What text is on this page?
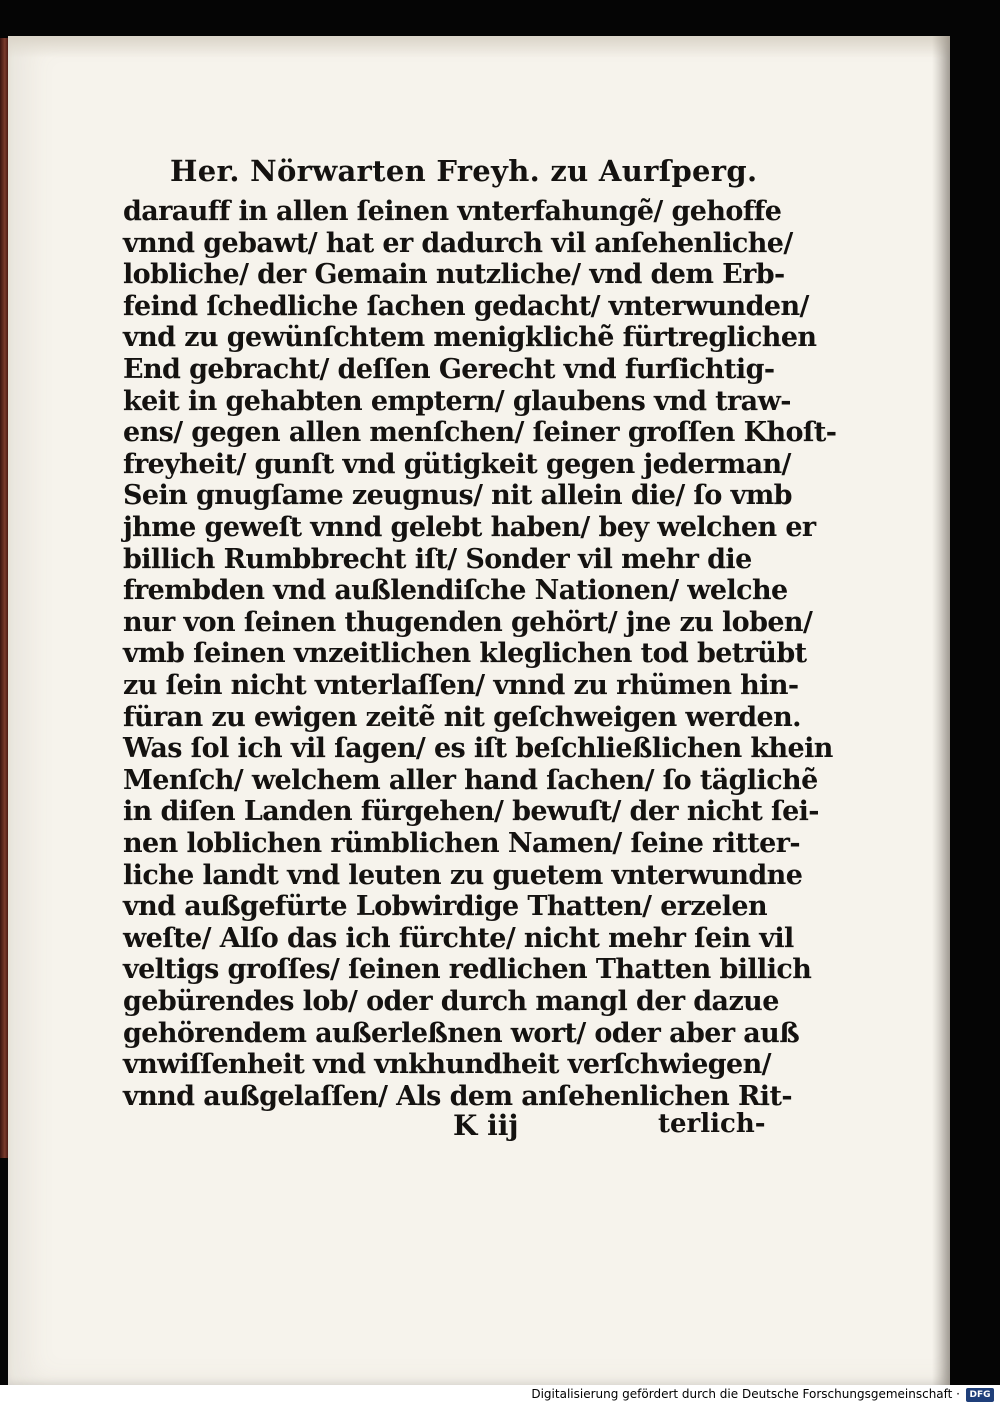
Her. Nörwarten Freyh. zu Aurſperg.
darauff in allen ſeinen vnterfahungẽ/ gehoffe
vnnd gebawt/ hat er dadurch vil anſehenliche/
lobliche/ der Gemain nutzliche/ vnd dem Erb-
feind ſchedliche ſachen gedacht/ vnterwunden/
vnd zu gewünſchtem menigklichẽ fürtreglichen
End gebracht/ deſſen Gerecht vnd furſichtig-
keit in gehabten emptern/ glaubens vnd traw-
ens/ gegen allen menſchen/ ſeiner groſſen Khoſt-
freyheit/ gunſt vnd gütigkeit gegen jederman/
Sein gnugſame zeugnus/ nit allein die/ ſo vmb
jhme geweſt vnnd gelebt haben/ bey welchen er
billich Rumbbrecht iſt/ Sonder vil mehr die
frembden vnd außlendiſche Nationen/ welche
nur von ſeinen thugenden gehört/ jne zu loben/
vmb ſeinen vnzeitlichen kleglichen tod betrübt
zu ſein nicht vnterlaſſen/ vnnd zu rhümen hin-
füran zu ewigen zeitẽ nit geſchweigen werden.
Was ſol ich vil ſagen/ es iſt beſchließlichen khein
Menſch/ welchem aller hand ſachen/ ſo täglichẽ
in diſen Landen fürgehen/ bewuſt/ der nicht ſei-
nen loblichen rümblichen Namen/ ſeine ritter-
liche landt vnd leuten zu guetem vnterwundne
vnd außgefürte Lobwirdige Thatten/ erzelen
weſte/ Alſo das ich fürchte/ nicht mehr ſein vil
veltigs groſſes/ ſeinen redlichen Thatten billich
gebürendes lob/ oder durch mangl der dazue
gehörendem außerleßnen wort/ oder aber auß
vnwiſſenheit vnd vnkhundheit verſchwiegen/
vnnd außgelaſſen/ Als dem anſehenlichen Rit-
K iij	terlich-
Digitalisierung gefördert durch die Deutsche Forschungsgemeinschaft ·	DFG
